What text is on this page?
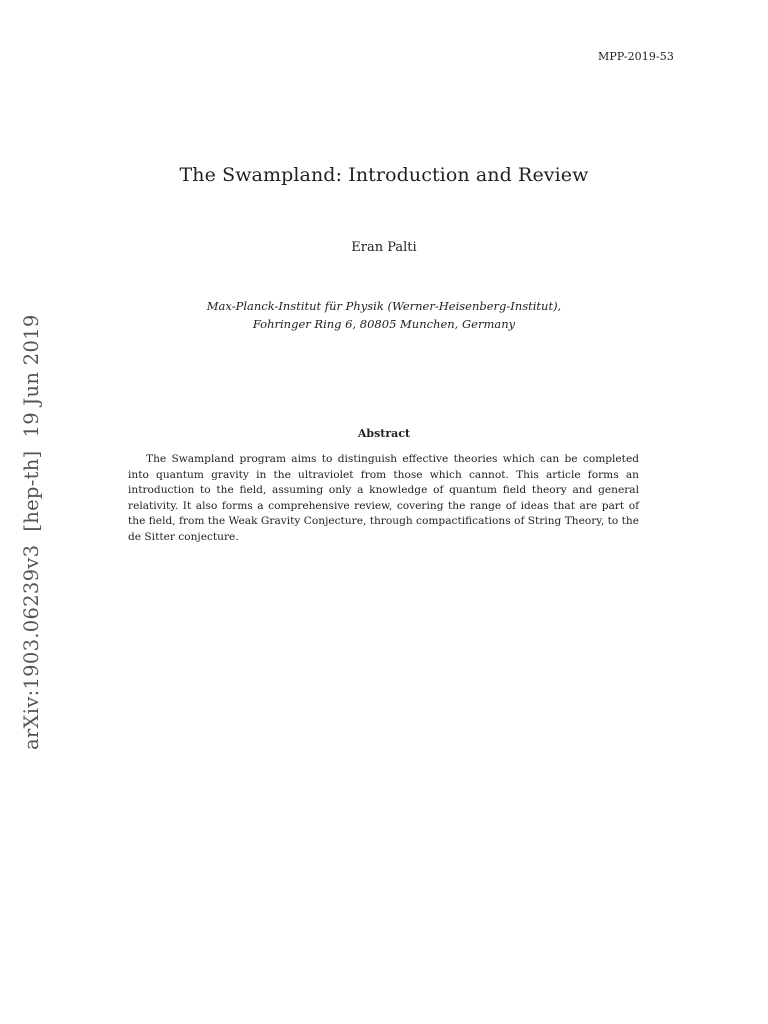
MPP-2019-53
The Swampland: Introduction and Review
Eran Palti
Max-Planck-Institut für Physik (Werner-Heisenberg-Institut),
Fohringer Ring 6, 80805 Munchen, Germany
Abstract

The Swampland program aims to distinguish effective theories which can be completed into quantum gravity in the ultraviolet from those which cannot. This article forms an introduction to the field, assuming only a knowledge of quantum field theory and general relativity. It also forms a comprehensive review, covering the range of ideas that are part of the field, from the Weak Gravity Conjecture, through compactifications of String Theory, to the de Sitter conjecture.

arXiv:1903.06239v3  [hep-th]  19 Jun 2019
